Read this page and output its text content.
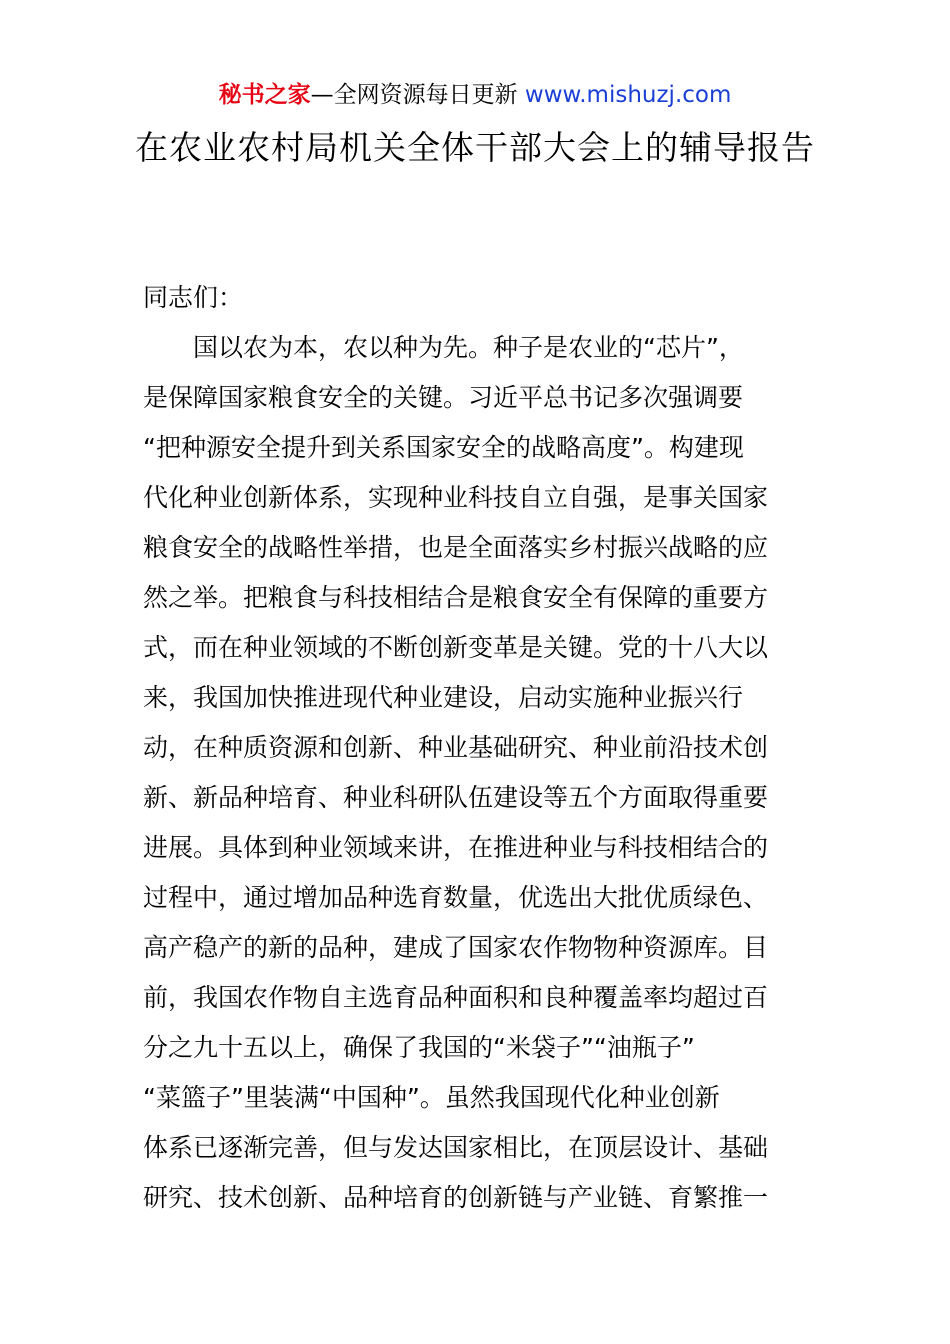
秘书之家—全网资源每日更新 www.mishuzj.com
在农业农村局机关全体干部大会上的辅导报告
同志们：
　　国以农为本，农以种为先。种子是农业的“芯片”，
是保障国家粮食安全的关键。习近平总书记多次强调要
“把种源安全提升到关系国家安全的战略高度”。构建现
代化种业创新体系，实现种业科技自立自强，是事关国家
粮食安全的战略性举措，也是全面落实乡村振兴战略的应
然之举。把粮食与科技相结合是粮食安全有保障的重要方
式，而在种业领域的不断创新变革是关键。党的十八大以
来，我国加快推进现代种业建设，启动实施种业振兴行
动，在种质资源和创新、种业基础研究、种业前沿技术创
新、新品种培育、种业科研队伍建设等五个方面取得重要
进展。具体到种业领域来讲，在推进种业与科技相结合的
过程中，通过增加品种选育数量，优选出大批优质绿色、
高产稳产的新的品种，建成了国家农作物物种资源库。目
前，我国农作物自主选育品种面积和良种覆盖率均超过百
分之九十五以上，确保了我国的“米袋子”“油瓶子”
“菜篮子”里装满“中国种”。虽然我国现代化种业创新
体系已逐渐完善，但与发达国家相比，在顶层设计、基础
研究、技术创新、品种培育的创新链与产业链、育繁推一
